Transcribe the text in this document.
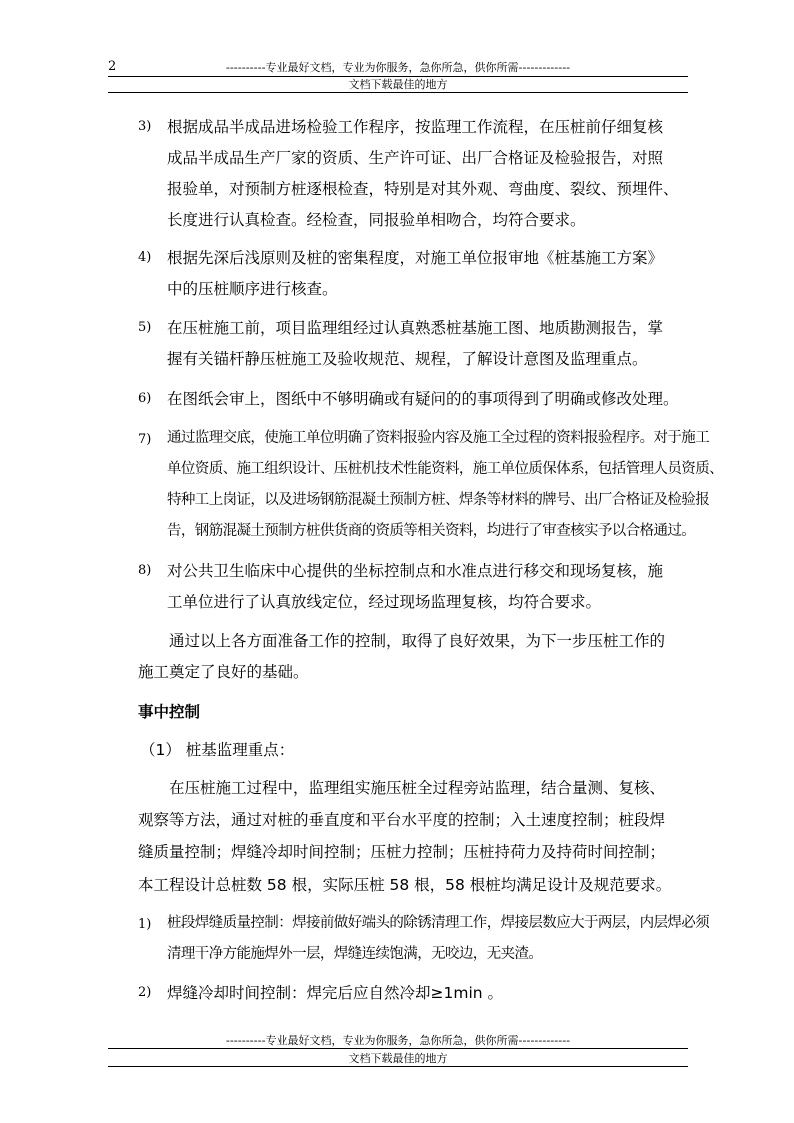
2	----------专业最好文档，专业为你服务，急你所急，供你所需-------------
文档下载最佳的地方
3) 根据成品半成品进场检验工作程序，按监理工作流程，在压桩前仔细复核
成品半成品生产厂家的资质、生产许可证、出厂合格证及检验报告，对照
报验单，对预制方桩逐根检查，特别是对其外观、弯曲度、裂纹、预埋件、
长度进行认真检查。经检查，同报验单相吻合，均符合要求。
4) 根据先深后浅原则及桩的密集程度，对施工单位报审地《桩基施工方案》
中的压桩顺序进行核查。
5) 在压桩施工前，项目监理组经过认真熟悉桩基施工图、地质勘测报告，掌
握有关锚杆静压桩施工及验收规范、规程，了解设计意图及监理重点。
6) 在图纸会审上，图纸中不够明确或有疑问的的事项得到了明确或修改处理。
7) 通过监理交底，使施工单位明确了资料报验内容及施工全过程的资料报验程序。对于施工
单位资质、施工组织设计、压桩机技术性能资料，施工单位质保体系，包括管理人员资质、
特种工上岗证，以及进场钢筋混凝土预制方桩、焊条等材料的牌号、出厂合格证及检验报
告，钢筋混凝土预制方桩供货商的资质等相关资料，均进行了审查核实予以合格通过。
8) 对公共卫生临床中心提供的坐标控制点和水准点进行移交和现场复核，施
工单位进行了认真放线定位，经过现场监理复核，均符合要求。
通过以上各方面准备工作的控制，取得了良好效果，为下一步压桩工作的
施工奠定了良好的基础。
事中控制
（1） 桩基监理重点：
在压桩施工过程中，监理组实施压桩全过程旁站监理，结合量测、复核、
观察等方法，通过对桩的垂直度和平台水平度的控制；入土速度控制；桩段焊
缝质量控制；焊缝冷却时间控制；压桩力控制；压桩持荷力及持荷时间控制；
本工程设计总桩数 58 根，实际压桩 58 根，58 根桩均满足设计及规范要求。
1) 桩段焊缝质量控制：焊接前做好端头的除锈清理工作，焊接层数应大于两层，内层焊必须
清理干净方能施焊外一层，焊缝连续饱满，无咬边，无夹渣。
2) 焊缝冷却时间控制：焊完后应自然冷却≥1min 。
----------专业最好文档，专业为你服务，急你所急，供你所需-------------
文档下载最佳的地方
